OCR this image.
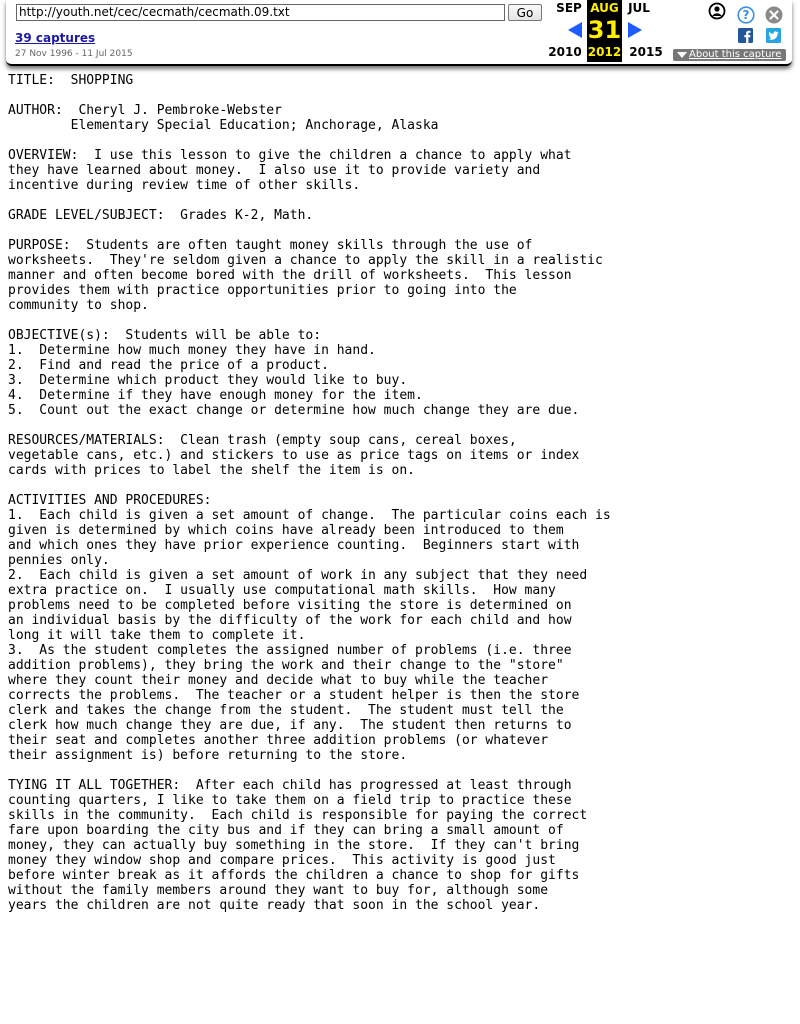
http://youth.net/cec/cecmath/cecmath.09.txt
Go
39 captures
27 Nov 1996 - 11 Jul 2015
SEP
2010
AUG
31
2012
JUL
2015
?
About this capture
TITLE:  SHOPPING

AUTHOR:  Cheryl J. Pembroke-Webster
Elementary Special Education; Anchorage, Alaska

OVERVIEW:  I use this lesson to give the children a chance to apply what
they have learned about money.  I also use it to provide variety and
incentive during review time of other skills.

GRADE LEVEL/SUBJECT:  Grades K-2, Math.

PURPOSE:  Students are often taught money skills through the use of
worksheets.  They're seldom given a chance to apply the skill in a realistic
manner and often become bored with the drill of worksheets.  This lesson
provides them with practice opportunities prior to going into the
community to shop.

OBJECTIVE(s):  Students will be able to:
1.  Determine how much money they have in hand.
2.  Find and read the price of a product.
3.  Determine which product they would like to buy.
4.  Determine if they have enough money for the item.
5.  Count out the exact change or determine how much change they are due.

RESOURCES/MATERIALS:  Clean trash (empty soup cans, cereal boxes,
vegetable cans, etc.) and stickers to use as price tags on items or index
cards with prices to label the shelf the item is on.

ACTIVITIES AND PROCEDURES:
1.  Each child is given a set amount of change.  The particular coins each is
given is determined by which coins have already been introduced to them
and which ones they have prior experience counting.  Beginners start with
pennies only.
2.  Each child is given a set amount of work in any subject that they need
extra practice on.  I usually use computational math skills.  How many
problems need to be completed before visiting the store is determined on
an individual basis by the difficulty of the work for each child and how
long it will take them to complete it.
3.  As the student completes the assigned number of problems (i.e. three
addition problems), they bring the work and their change to the "store"
where they count their money and decide what to buy while the teacher
corrects the problems.  The teacher or a student helper is then the store
clerk and takes the change from the student.  The student must tell the
clerk how much change they are due, if any.  The student then returns to
their seat and completes another three addition problems (or whatever
their assignment is) before returning to the store.

TYING IT ALL TOGETHER:  After each child has progressed at least through
counting quarters, I like to take them on a field trip to practice these
skills in the community.  Each child is responsible for paying the correct
fare upon boarding the city bus and if they can bring a small amount of
money, they can actually buy something in the store.  If they can't bring
money they window shop and compare prices.  This activity is good just
before winter break as it affords the children a chance to shop for gifts
without the family members around they want to buy for, although some
years the children are not quite ready that soon in the school year.
